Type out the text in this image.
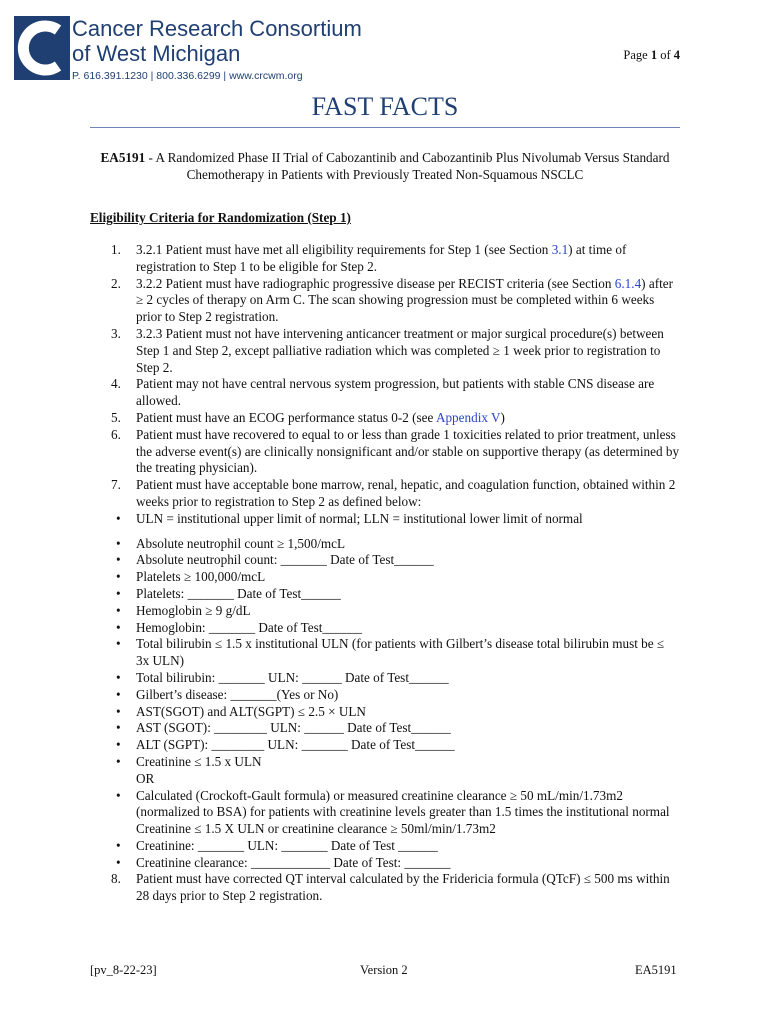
Cancer Research Consortium
of West Michigan
P. 616.391.1230 | 800.336.6299 | www.crcwm.org
Page 1 of 4
FAST FACTS
EA5191 - A Randomized Phase II Trial of Cabozantinib and Cabozantinib Plus Nivolumab Versus Standard Chemotherapy in Patients with Previously Treated Non-Squamous NSCLC
Eligibility Criteria for Randomization (Step 1)
1.	3.2.1 Patient must have met all eligibility requirements for Step 1 (see Section 3.1) at time of registration to Step 1 to be eligible for Step 2.
2.	3.2.2 Patient must have radiographic progressive disease per RECIST criteria (see Section 6.1.4) after ≥ 2 cycles of therapy on Arm C. The scan showing progression must be completed within 6 weeks prior to Step 2 registration.
3.	3.2.3 Patient must not have intervening anticancer treatment or major surgical procedure(s) between Step 1 and Step 2, except palliative radiation which was completed ≥ 1 week prior to registration to Step 2.
4.	Patient may not have central nervous system progression, but patients with stable CNS disease are allowed.
5.	Patient must have an ECOG performance status 0-2 (see Appendix V)
6.	Patient must have recovered to equal to or less than grade 1 toxicities related to prior treatment, unless the adverse event(s) are clinically nonsignificant and/or stable on supportive therapy (as determined by the treating physician).
7.	Patient must have acceptable bone marrow, renal, hepatic, and coagulation function, obtained within 2 weeks prior to registration to Step 2 as defined below:
• ULN = institutional upper limit of normal; LLN = institutional lower limit of normal
• Absolute neutrophil count ≥ 1,500/mcL
• Absolute neutrophil count: _______ Date of Test______
• Platelets ≥ 100,000/mcL
• Platelets: _______ Date of Test______
• Hemoglobin ≥ 9 g/dL
• Hemoglobin: _______ Date of Test______
• Total bilirubin ≤ 1.5 x institutional ULN (for patients with Gilbert’s disease total bilirubin must be ≤ 3x ULN)
• Total bilirubin: _______ ULN: ______ Date of Test______
• Gilbert’s disease: _______(Yes or No)
• AST(SGOT) and ALT(SGPT) ≤ 2.5 × ULN
• AST (SGOT): ________ ULN: ______ Date of Test______
• ALT (SGPT): ________ ULN: _______ Date of Test______
• Creatinine ≤ 1.5 x ULN
OR
• Calculated (Crockoft-Gault formula) or measured creatinine clearance ≥ 50 mL/min/1.73m2 (normalized to BSA) for patients with creatinine levels greater than 1.5 times the institutional normal Creatinine ≤ 1.5 X ULN or creatinine clearance ≥ 50ml/min/1.73m2
• Creatinine: _______ ULN: _______ Date of Test ______
• Creatinine clearance: ____________ Date of Test: _______
8.	Patient must have corrected QT interval calculated by the Fridericia formula (QTcF) ≤ 500 ms within 28 days prior to Step 2 registration.
[pv_8-22-23]	Version 2	EA5191
